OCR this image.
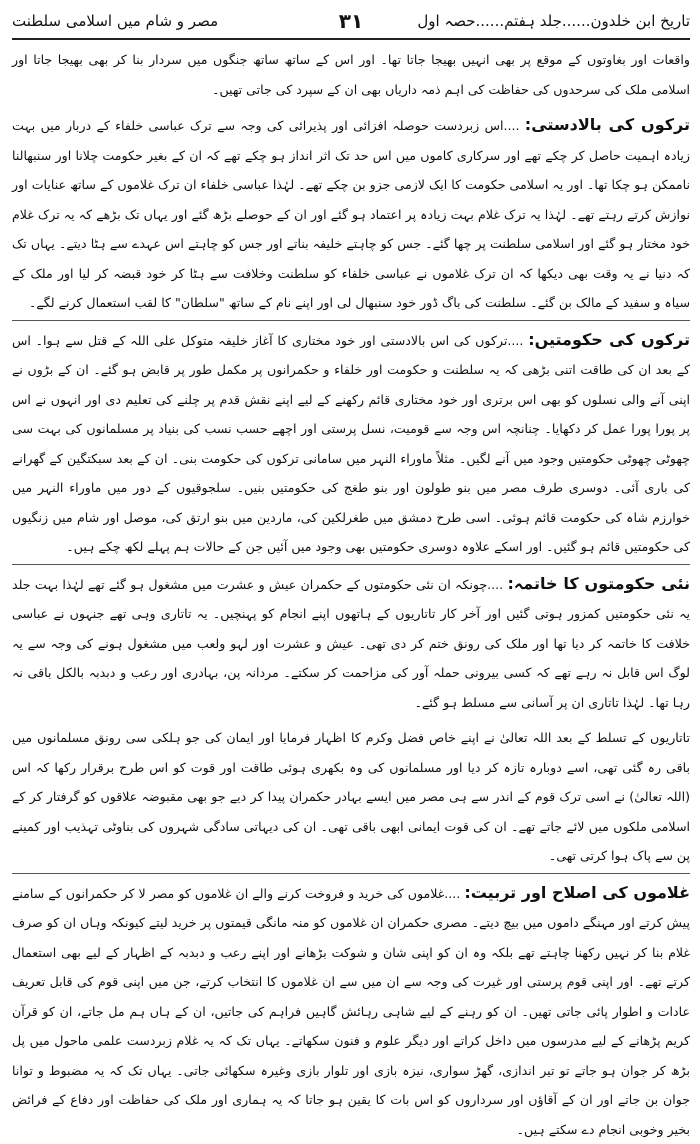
تاریخ ابن خلدون......جلد ہفتم......حصہ اول
۳۱
مصر و شام میں اسلامی سلطنت

واقعات اور بغاوتوں کے موقع پر بھی انہیں بھیجا جاتا تھا۔ اور اس کے ساتھ ساتھ جنگوں میں سردار بنا کر بھی بھیجا جاتا اور اسلامی ملک کی سرحدوں کی حفاظت کی اہم ذمہ داریاں بھی ان کے سپرد کی جاتی تھیں۔

ترکوں کی بالادستی: ....اس زبردست حوصلہ افزائی اور پذیرائی کی وجہ سے ترک عباسی خلفاء کے دربار میں بہت زیادہ اہمیت حاصل کر چکے تھے اور سرکاری کاموں میں اس حد تک اثر انداز ہو چکے تھے کہ ان کے بغیر حکومت چلانا اور سنبھالنا ناممکن ہو چکا تھا۔ اور یہ اسلامی حکومت کا ایک لازمی جزو بن چکے تھے۔ لہٰذا عباسی خلفاء ان ترک غلاموں کے ساتھ عنایات اور نوازش کرتے رہتے تھے۔ لہٰذا یہ ترک غلام بہت زیادہ پر اعتماد ہو گئے اور ان کے حوصلے بڑھ گئے اور یہاں تک بڑھے کہ یہ ترک غلام خود مختار ہو گئے اور اسلامی سلطنت پر چھا گئے۔ جس کو چاہتے خلیفہ بناتے اور جس کو چاہتے اس عہدے سے ہٹا دیتے۔ یہاں تک کہ دنیا نے یہ وقت بھی دیکھا کہ ان ترک غلاموں نے عباسی خلفاء کو سلطنت وخلافت سے ہٹا کر خود قبضہ کر لیا اور ملک کے سیاہ و سفید کے مالک بن گئے۔ سلطنت کی باگ ڈور خود سنبھال لی اور اپنے نام کے ساتھ "سلطان" کا لقب استعمال کرنے لگے۔

ترکوں کی حکومتیں: ....ترکوں کی اس بالادستی اور خود مختاری کا آغاز خلیفہ متوکل علی اللہ کے قتل سے ہوا۔ اس کے بعد ان کی طاقت اتنی بڑھی کہ یہ سلطنت و حکومت اور خلفاء و حکمرانوں پر مکمل طور پر قابض ہو گئے۔ ان کے بڑوں نے اپنی آنے والی نسلوں کو بھی اس برتری اور خود مختاری قائم رکھنے کے لیے اپنے نقش قدم پر چلنے کی تعلیم دی اور انہوں نے اس پر پورا پورا عمل کر دکھایا۔ چنانچہ اس وجہ سے قومیت، نسل پرستی اور اچھے حسب نسب کی بنیاد پر مسلمانوں کی بہت سی چھوٹی چھوٹی حکومتیں وجود میں آنے لگیں۔ مثلاً ماوراء النہر میں سامانی ترکوں کی حکومت بنی۔ ان کے بعد سبکتگین کے گھرانے کی باری آئی۔ دوسری طرف مصر میں بنو طولون اور بنو طغج کی حکومتیں بنیں۔ سلجوقیوں کے دور میں ماوراء النہر میں خوارزم شاہ کی حکومت قائم ہوئی۔ اسی طرح دمشق میں طغرلکین کی، ماردین میں بنو ارتق کی، موصل اور شام میں زنگیوں کی حکومتیں قائم ہو گئیں۔ اور اسکے علاوہ دوسری حکومتیں بھی وجود میں آئیں جن کے حالات ہم پہلے لکھ چکے ہیں۔

نئی حکومتوں کا خاتمہ: ....چونکہ ان نئی حکومتوں کے حکمران عیش و عشرت میں مشغول ہو گئے تھے لہٰذا بہت جلد یہ نئی حکومتیں کمزور ہوتی گئیں اور آخر کار تاتاریوں کے ہاتھوں اپنے انجام کو پہنچیں۔ یہ تاتاری وہی تھے جنہوں نے عباسی خلافت کا خاتمہ کر دیا تھا اور ملک کی رونق ختم کر دی تھی۔ عیش و عشرت اور لہو ولعب میں مشغول ہونے کی وجہ سے یہ لوگ اس قابل نہ رہے تھے کہ کسی بیرونی حملہ آور کی مزاحمت کر سکتے۔ مردانہ پن، بہادری اور رعب و دبدبہ بالکل باقی نہ رہا تھا۔ لہٰذا تاتاری ان پر آسانی سے مسلط ہو گئے۔

تاتاریوں کے تسلط کے بعد اللہ تعالیٰ نے اپنے خاص فضل وکرم کا اظہار فرمایا اور ایمان کی جو ہلکی سی رونق مسلمانوں میں باقی رہ گئی تھی، اسے دوبارہ تازہ کر دیا اور مسلمانوں کی وہ بکھری ہوئی طاقت اور قوت کو اس طرح برقرار رکھا کہ اس (اللہ تعالیٰ) نے اسی ترک قوم کے اندر سے ہی مصر میں ایسے بہادر حکمران پیدا کر دیے جو بھی مقبوضہ علاقوں کو گرفتار کر کے اسلامی ملکوں میں لائے جاتے تھے۔ ان کی قوت ایمانی ابھی باقی تھی۔ ان کی دیہاتی سادگی شہروں کی بناوٹی تہذیب اور کمینے پن سے پاک ہوا کرتی تھی۔

غلاموں کی اصلاح اور تربیت: ....غلاموں کی خرید و فروخت کرنے والے ان غلاموں کو مصر لا کر حکمرانوں کے سامنے پیش کرتے اور مہنگے داموں میں بیچ دیتے۔ مصری حکمران ان غلاموں کو منہ مانگی قیمتوں پر خرید لیتے کیونکہ وہاں ان کو صرف غلام بنا کر نہیں رکھنا چاہتے تھے بلکہ وہ ان کو اپنی شان و شوکت بڑھانے اور اپنے رعب و دبدبہ کے اظہار کے لیے بھی استعمال کرتے تھے۔ اور اپنی قوم پرستی اور غیرت کی وجہ سے ان میں سے ان غلاموں کا انتخاب کرتے، جن میں اپنی قوم کی قابل تعریف عادات و اطوار پائی جاتی تھیں۔ ان کو رہنے کے لیے شاہی رہائش گاہیں فراہم کی جاتیں، ان کے ہاں ہم مل جاتے، ان کو قرآن کریم پڑھانے کے لیے مدرسوں میں داخل کراتے اور دیگر علوم و فنون سکھاتے۔ یہاں تک کہ یہ غلام زبردست علمی ماحول میں پل بڑھ کر جوان ہو جاتے تو تیر اندازی، گھڑ سواری، نیزہ بازی اور تلوار بازی وغیرہ سکھائی جاتی۔ یہاں تک کہ یہ مضبوط و توانا جوان بن جاتے اور ان کے آقاؤں اور سرداروں کو اس بات کا یقین ہو جاتا کہ یہ ہماری اور ملک کی حفاظت اور دفاع کے فرائض بخیر وخوبی انجام دے سکتے ہیں۔
